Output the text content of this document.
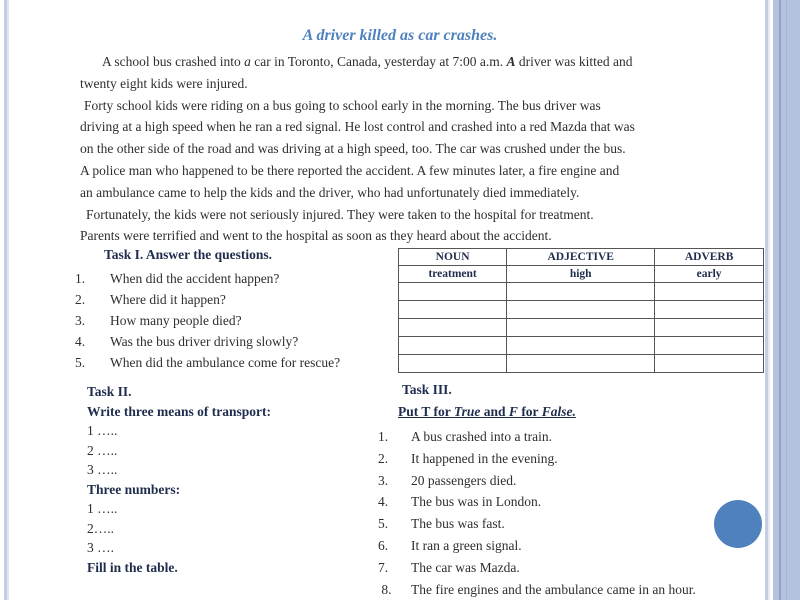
A driver killed as car crashes.

A school bus crashed into a car in Toronto, Canada, yesterday at 7:00 a.m. A driver was kitted and

twenty eight kids were injured.

Forty school kids were riding on a bus going to school early in the morning. The bus driver was

driving at a high speed when he ran a red signal. He lost control and crashed into a red Mazda that was

on the other side of the road and was driving at a high speed, too. The car was crushed under the bus.

A police man who happened to be there reported the accident. A few minutes later, a fire engine and

an ambulance came to help the kids and the driver, who had unfortunately died immediately.

Fortunately, the kids were not seriously injured. They were taken to the hospital for treatment.

Parents were terrified and went to the hospital as soon as they heard about the accident.

Task I. Answer the questions.
1.	When did the accident happen?
2.	Where did it happen?
3.	How many people died?
4.	Was the bus driver driving slowly?
5.	When did the ambulance come for rescue?
NOUN	ADJECTIVE	ADVERB
treatment	high	early

Task II.
Write three means of transport:
1 …..
2 …..
3 …..
Three numbers:
1 …..
2…..
3 ….
Fill in the table.
Task III.
Put T for True and F for False.
1.	A bus crashed into a train.
2.	It happened in the evening.
3.	20 passengers died.
4.	The bus was in London.
5.	The bus was fast.
6.	It ran a green signal.
7.	The car was Mazda.
8.	The fire engines and the ambulance came in an hour.
